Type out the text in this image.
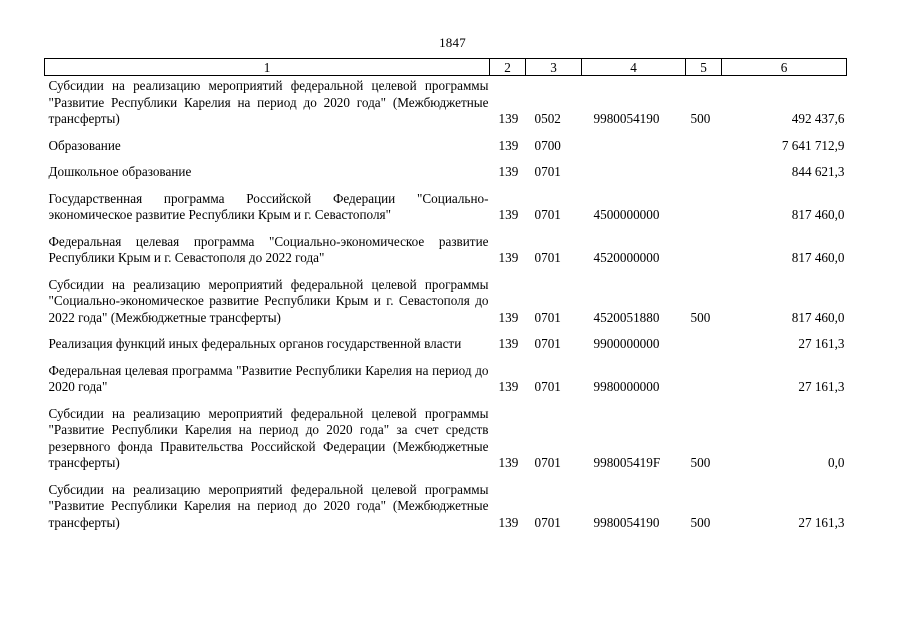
1847
1	2	3	4	5	6

Субсидии на реализацию мероприятий федеральной целевой программы "Развитие Республики Карелия на период до 2020 года" (Межбюджетные трансферты)	139	0502	9980054190	500	492 437,6

Образование	139	0700			7 641 712,9

Дошкольное образование	139	0701			844 621,3

Государственная программа Российской Федерации "Социально-экономическое развитие Республики Крым и г. Севастополя"	139	0701	4500000000		817 460,0

Федеральная целевая программа "Социально-экономическое развитие Республики Крым и г. Севастополя до 2022 года"	139	0701	4520000000		817 460,0

Субсидии на реализацию мероприятий федеральной целевой программы "Социально-экономическое развитие Республики Крым и г. Севастополя до 2022 года" (Межбюджетные трансферты)	139	0701	4520051880	500	817 460,0

Реализация функций иных федеральных органов государственной власти	139	0701	9900000000		27 161,3

Федеральная целевая программа "Развитие Республики Карелия на период до 2020 года"	139	0701	9980000000		27 161,3

Субсидии на реализацию мероприятий федеральной целевой программы "Развитие Республики Карелия на период до 2020 года" за счет средств резервного фонда Правительства Российской Федерации (Межбюджетные трансферты)	139	0701	998005419F	500	0,0

Субсидии на реализацию мероприятий федеральной целевой программы "Развитие Республики Карелия на период до 2020 года" (Межбюджетные трансферты)	139	0701	9980054190	500	27 161,3
